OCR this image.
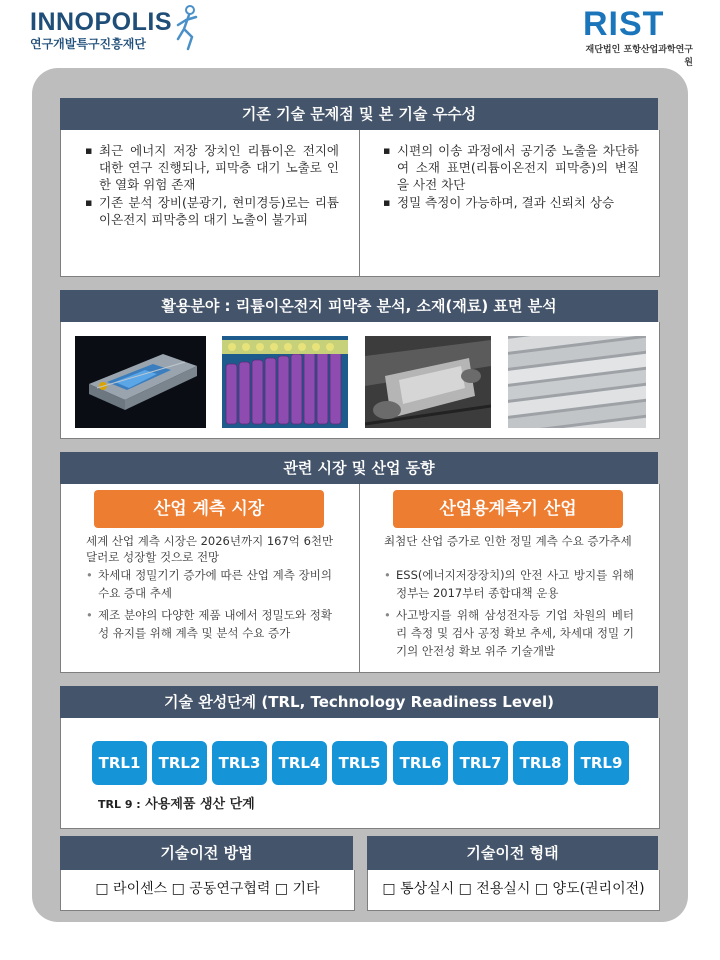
INNOPOLIS
연구개발특구진흥재단
RIST
재단법인 포항산업과학연구원
기존 기술 문제점 및 본 기술 우수성
▪ 최근 에너지 저장 장치인 리튬이온 전지에 대한 연구 진행되나, 피막층 대기 노출로 인한 열화 위험 존재
▪ 기존 분석 장비(분광기, 현미경등)로는 리튬이온전지 피막층의 대기 노출이 불가피
▪ 시편의 이송 과정에서 공기중 노출을 차단하여 소재 표면(리튬이온전지 피막층)의 변질을 사전 차단
▪ 정밀 측정이 가능하며, 결과 신뢰치 상승
활용분야 : 리튬이온전지 피막층 분석, 소재(재료) 표면 분석
관련 시장 및 산업 동향
산업 계측 시장
세계 산업 계측 시장은 2026년까지 167억 6천만 달러로 성장할 것으로 전망
• 차세대 정밀기기 증가에 따른 산업 계측 장비의 수요 증대 추세
• 제조 분야의 다양한 제품 내에서 정밀도와 정확성 유지를 위해 계측 및 분석 수요 증가
산업용계측기 산업
최첨단 산업 증가로 인한 정밀 계측 수요 증가추세
• ESS(에너지저장장치)의 안전 사고 방지를 위해 정부는 2017부터 종합대책 운용
• 사고방지를 위해 삼성전자등 기업 차원의 베터리 측정 및 검사 공정 확보 추세, 차세대 정밀 기기의 안전성 확보 위주 기술개발
기술 완성단계 (TRL, Technology Readiness Level)
TRL1	TRL2	TRL3	TRL4	TRL5	TRL6	TRL7	TRL8	TRL9
TRL 9 : 사용제품 생산 단계
기술이전 방법
□ 라이센스 □ 공동연구협력 □ 기타
기술이전 형태
□ 통상실시 □ 전용실시 □ 양도(권리이전)
